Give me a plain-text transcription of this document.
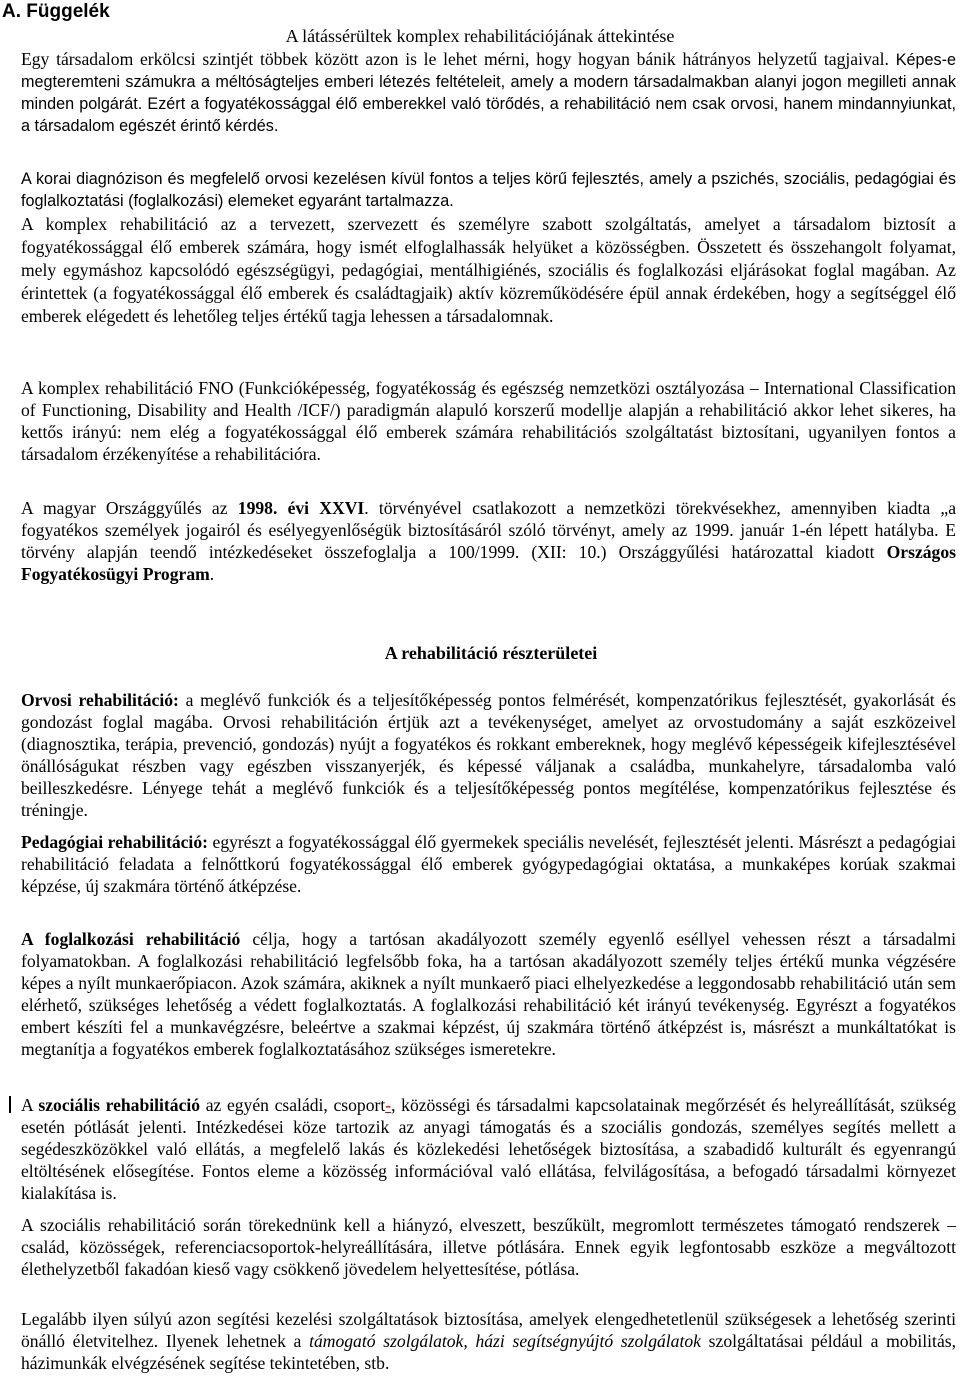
A. Függelék
A látássérültek komplex rehabilitációjának áttekintése

Egy társadalom erkölcsi szintjét többek között azon is le lehet mérni, hogy hogyan bánik hátrányos helyzetű tagjaival. Képes-e megteremteni számukra a méltóságteljes emberi létezés feltételeit, amely a modern társadalmakban alanyi jogon megilleti annak minden polgárát. Ezért a fogyatékossággal élő emberekkel való törődés, a rehabilitáció nem csak orvosi, hanem mindannyiunkat, a társadalom egészét érintő kérdés.

A korai diagnózison és megfelelő orvosi kezelésen kívül fontos a teljes körű fejlesztés, amely a pszichés, szociális, pedagógiai és foglalkoztatási (foglalkozási) elemeket egyaránt tartalmazza.

A komplex rehabilitáció az a tervezett, szervezett és személyre szabott szolgáltatás, amelyet a társadalom biztosít a fogyatékossággal élő emberek számára, hogy ismét elfoglalhassák helyüket a közösségben. Összetett és összehangolt folyamat, mely egymáshoz kapcsolódó egészségügyi, pedagógiai, mentálhigiénés, szociális és foglalkozási eljárásokat foglal magában. Az érintettek (a fogyatékossággal élő emberek és családtagjaik) aktív közreműködésére épül annak érdekében, hogy a segítséggel élő emberek elégedett és lehetőleg teljes értékű tagja lehessen a társadalomnak.

A komplex rehabilitáció FNO (Funkcióképesség, fogyatékosság és egészség nemzetközi osztályozása – International Classification of Functioning, Disability and Health /ICF/) paradigmán alapuló korszerű modellje alapján a rehabilitáció akkor lehet sikeres, ha kettős irányú: nem elég a fogyatékossággal élő emberek számára rehabilitációs szolgáltatást biztosítani, ugyanilyen fontos a társadalom érzékenyítése a rehabilitációra.

A magyar Országgyűlés az 1998. évi XXVI. törvényével csatlakozott a nemzetközi törekvésekhez, amennyiben kiadta „a fogyatékos személyek jogairól és esélyegyenlőségük biztosításáról szóló törvényt, amely az 1999. január 1-én lépett hatályba. E törvény alapján teendő intézkedéseket összefoglalja a 100/1999. (XII: 10.) Országgyűlési határozattal kiadott Országos Fogyatékosügyi Program.

A rehabilitáció részterületei

Orvosi rehabilitáció: a meglévő funkciók és a teljesítőképesség pontos felmérését, kompenzatórikus fejlesztését, gyakorlását és gondozást foglal magába. Orvosi rehabilitáción értjük azt a tevékenységet, amelyet az orvostudomány a saját eszközeivel (diagnosztika, terápia, prevenció, gondozás) nyújt a fogyatékos és rokkant embereknek, hogy meglévő képességeik kifejlesztésével önállóságukat részben vagy egészben visszanyerjék, és képessé váljanak a családba, munkahelyre, társadalomba való beilleszkedésre. Lényege tehát a meglévő funkciók és a teljesítőképesség pontos megítélése, kompenzatórikus fejlesztése és tréningje.

Pedagógiai rehabilitáció: egyrészt a fogyatékossággal élő gyermekek speciális nevelését, fejlesztését jelenti. Másrészt a pedagógiai rehabilitáció feladata a felnőttkorú fogyatékossággal élő emberek gyógypedagógiai oktatása, a munkaképes korúak szakmai képzése, új szakmára történő átképzése.

A foglalkozási rehabilitáció célja, hogy a tartósan akadályozott személy egyenlő eséllyel vehessen részt a társadalmi folyamatokban. A foglalkozási rehabilitáció legfelsőbb foka, ha a tartósan akadályozott személy teljes értékű munka végzésére képes a nyílt munkaerőpiacon. Azok számára, akiknek a nyílt munkaerő piaci elhelyezkedése a leggondosabb rehabilitáció után sem elérhető, szükséges lehetőség a védett foglalkoztatás. A foglalkozási rehabilitáció két irányú tevékenység. Egyrészt a fogyatékos embert készíti fel a munkavégzésre, beleértve a szakmai képzést, új szakmára történő átképzést is, másrészt a munkáltatókat is megtanítja a fogyatékos emberek foglalkoztatásához szükséges ismeretekre.

A szociális rehabilitáció az egyén családi, csoport-, közösségi és társadalmi kapcsolatainak megőrzését és helyreállítását, szükség esetén pótlását jelenti. Intézkedései köze tartozik az anyagi támogatás és a szociális gondozás, személyes segítés mellett a segédeszközökkel való ellátás, a megfelelő lakás és közlekedési lehetőségek biztosítása, a szabadidő kulturált és egyenrangú eltöltésének elősegítése. Fontos eleme a közösség információval való ellátása, felvilágosítása, a befogadó társadalmi környezet kialakítása is.

A szociális rehabilitáció során törekednünk kell a hiányzó, elveszett, beszűkült, megromlott természetes támogató rendszerek –család, közösségek, referenciacsoportok-helyreállítására, illetve pótlására. Ennek egyik legfontosabb eszköze a megváltozott élethelyzetből fakadóan kieső vagy csökkenő jövedelem helyettesítése, pótlása.

Legalább ilyen súlyú azon segítési kezelési szolgáltatások biztosítása, amelyek elengedhetetlenül szükségesek a lehetőség szerinti önálló életvitelhez. Ilyenek lehetnek a támogató szolgálatok, házi segítségnyújtó szolgálatok szolgáltatásai például a mobilitás, házimunkák elvégzésének segítése tekintetében, stb.
